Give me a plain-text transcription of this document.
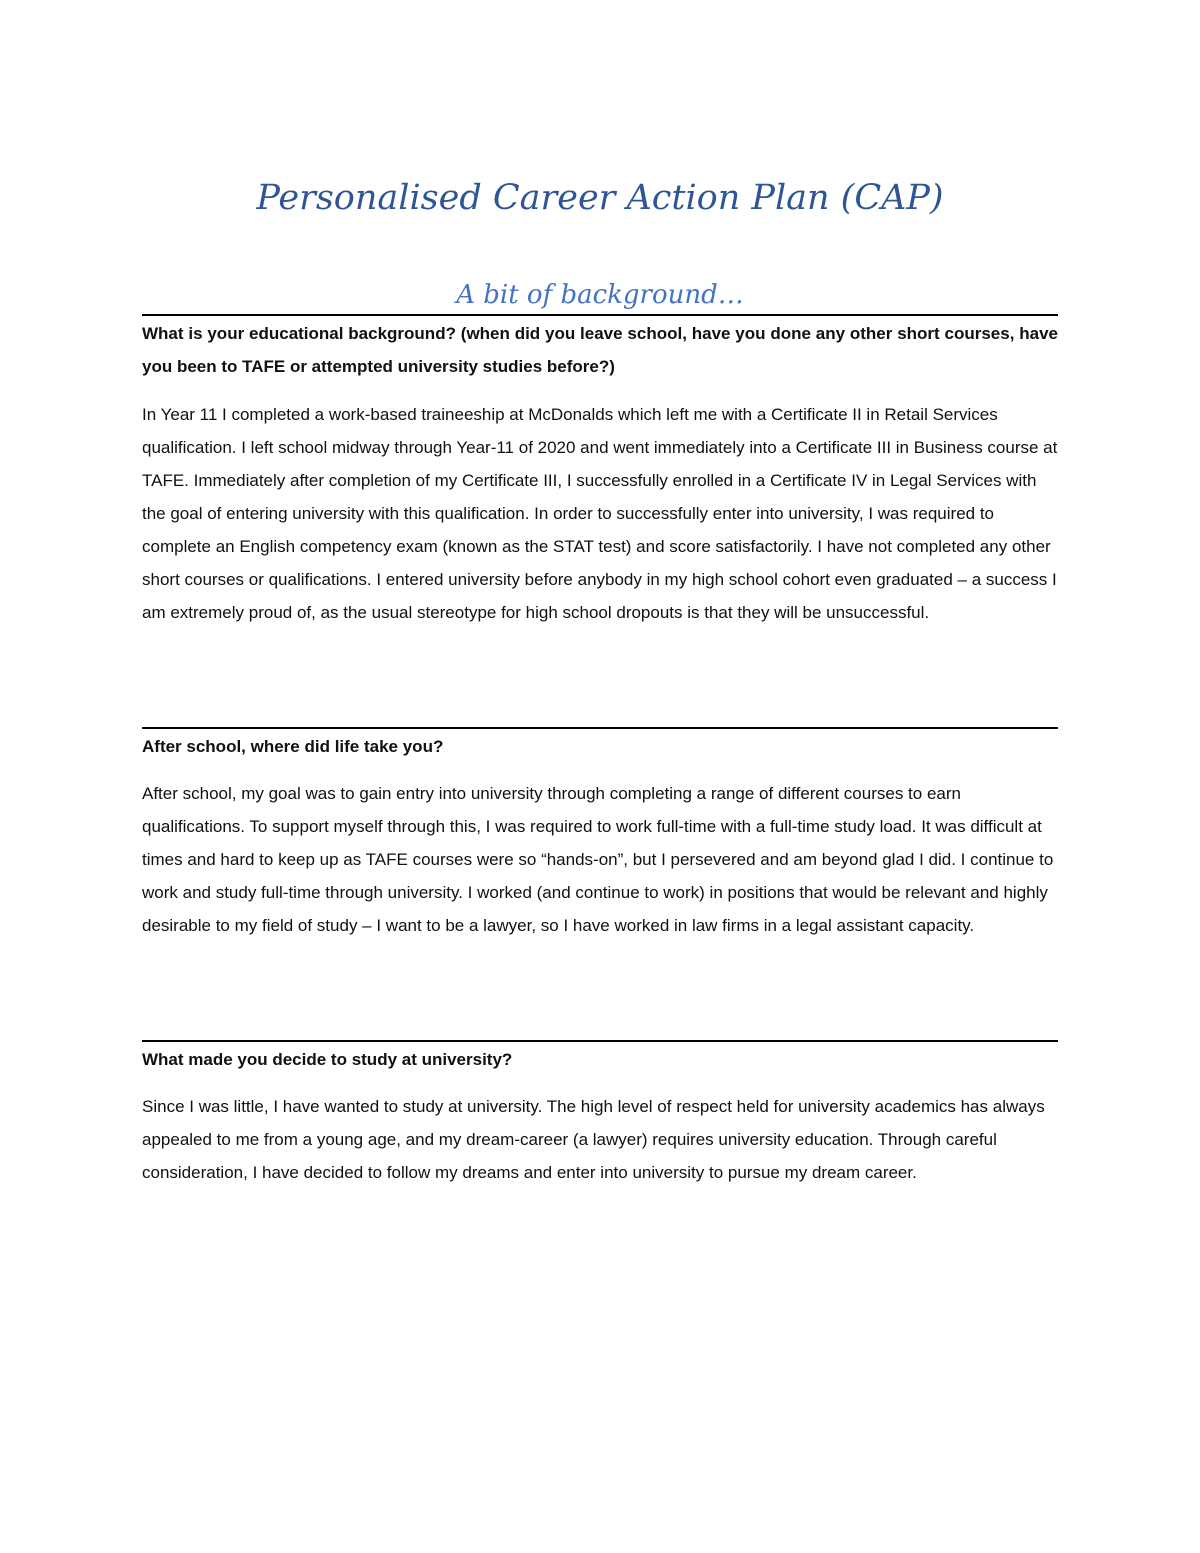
Personalised Career Action Plan (CAP)
A bit of background…

What is your educational background? (when did you leave school, have you done any other short courses, have you been to TAFE or attempted university studies before?)

In Year 11 I completed a work-based traineeship at McDonalds which left me with a Certificate II in Retail Services qualification. I left school midway through Year-11 of 2020 and went immediately into a Certificate III in Business course at TAFE. Immediately after completion of my Certificate III, I successfully enrolled in a Certificate IV in Legal Services with the goal of entering university with this qualification. In order to successfully enter into university, I was required to complete an English competency exam (known as the STAT test) and score satisfactorily. I have not completed any other short courses or qualifications. I entered university before anybody in my high school cohort even graduated – a success I am extremely proud of, as the usual stereotype for high school dropouts is that they will be unsuccessful.

After school, where did life take you?

After school, my goal was to gain entry into university through completing a range of different courses to earn qualifications. To support myself through this, I was required to work full-time with a full-time study load. It was difficult at times and hard to keep up as TAFE courses were so “hands-on”, but I persevered and am beyond glad I did. I continue to work and study full-time through university. I worked (and continue to work) in positions that would be relevant and highly desirable to my field of study – I want to be a lawyer, so I have worked in law firms in a legal assistant capacity.

What made you decide to study at university?

Since I was little, I have wanted to study at university. The high level of respect held for university academics has always appealed to me from a young age, and my dream-career (a lawyer) requires university education. Through careful consideration, I have decided to follow my dreams and enter into university to pursue my dream career.
